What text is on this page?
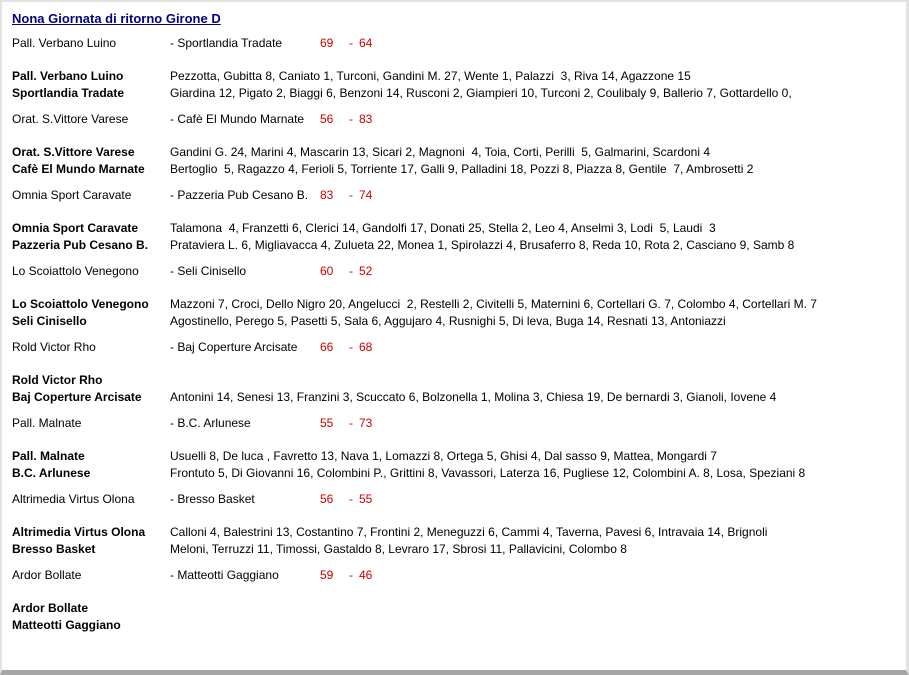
Nona Giornata di ritorno Girone D
Pall. Verbano Luino	- Sportlandia Tradate	69	- 64
Pall. Verbano Luino	Pezzotta, Gubitta 8, Caniato 1, Turconi, Gandini M. 27, Wente 1, Palazzi  3, Riva 14, Agazzone 15
Sportlandia Tradate	Giardina 12, Pigato 2, Biaggi 6, Benzoni 14, Rusconi 2, Giampieri 10, Turconi 2, Coulibaly 9, Ballerio 7, Gottardello 0,
Orat. S.Vittore Varese	- Cafè El Mundo Marnate	56	- 83
Orat. S.Vittore Varese	Gandini G. 24, Marini 4, Mascarin 13, Sicari 2, Magnoni  4, Toia, Corti, Perilli  5, Galmarini, Scardoni 4
Cafè El Mundo Marnate	Bertoglio  5, Ragazzo 4, Ferioli 5, Torriente 17, Galli 9, Palladini 18, Pozzi 8, Piazza 8, Gentile  7, Ambrosetti 2
Omnia Sport Caravate	- Pazzeria Pub Cesano B. 83	- 74
Omnia Sport Caravate	Talamona  4, Franzetti 6, Clerici 14, Gandolfi 17, Donati 25, Stella 2, Leo 4, Anselmi 3, Lodi  5, Laudi  3
Pazzeria Pub Cesano B.	Prataviera L. 6, Migliavacca 4, Zulueta 22, Monea 1, Spirolazzi 4, Brusaferro 8, Reda 10, Rota 2, Casciano 9, Samb 8
Lo Scoiattolo Venegono	- Seli Cinisello	60	- 52
Lo Scoiattolo Venegono	Mazzoni 7, Croci, Dello Nigro 20, Angelucci  2, Restelli 2, Civitelli 5, Maternini 6, Cortellari G. 7, Colombo 4, Cortellari M. 7
Seli Cinisello	Agostinello, Perego 5, Pasetti 5, Sala 6, Aggujaro 4, Rusnighi 5, Di leva, Buga 14, Resnati 13, Antoniazzi
Rold Victor Rho	- Baj Coperture Arcisate	66	- 68
Rold Victor Rho
Baj Coperture Arcisate	Antonini 14, Senesi 13, Franzini 3, Scuccato 6, Bolzonella 1, Molina 3, Chiesa 19, De bernardi 3, Gianoli, Iovene 4
Pall. Malnate	- B.C. Arlunese	55	- 73
Pall. Malnate	Usuelli 8, De luca , Favretto 13, Nava 1, Lomazzi 8, Ortega 5, Ghisi 4, Dal sasso 9, Mattea, Mongardi 7
B.C. Arlunese	Frontuto 5, Di Giovanni 16, Colombini P., Grittini 8, Vavassori, Laterza 16, Pugliese 12, Colombini A. 8, Losa, Speziani 8
Altrimedia Virtus Olona	- Bresso Basket	56	- 55
Altrimedia Virtus Olona	Calloni 4, Balestrini 13, Costantino 7, Frontini 2, Meneguzzi 6, Cammi 4, Taverna, Pavesi 6, Intravaia 14, Brignoli
Bresso Basket	Meloni, Terruzzi 11, Timossi, Gastaldo 8, Levraro 17, Sbrosi 11, Pallavicini, Colombo 8
Ardor Bollate	- Matteotti Gaggiano	59	- 46
Ardor Bollate
Matteotti Gaggiano
